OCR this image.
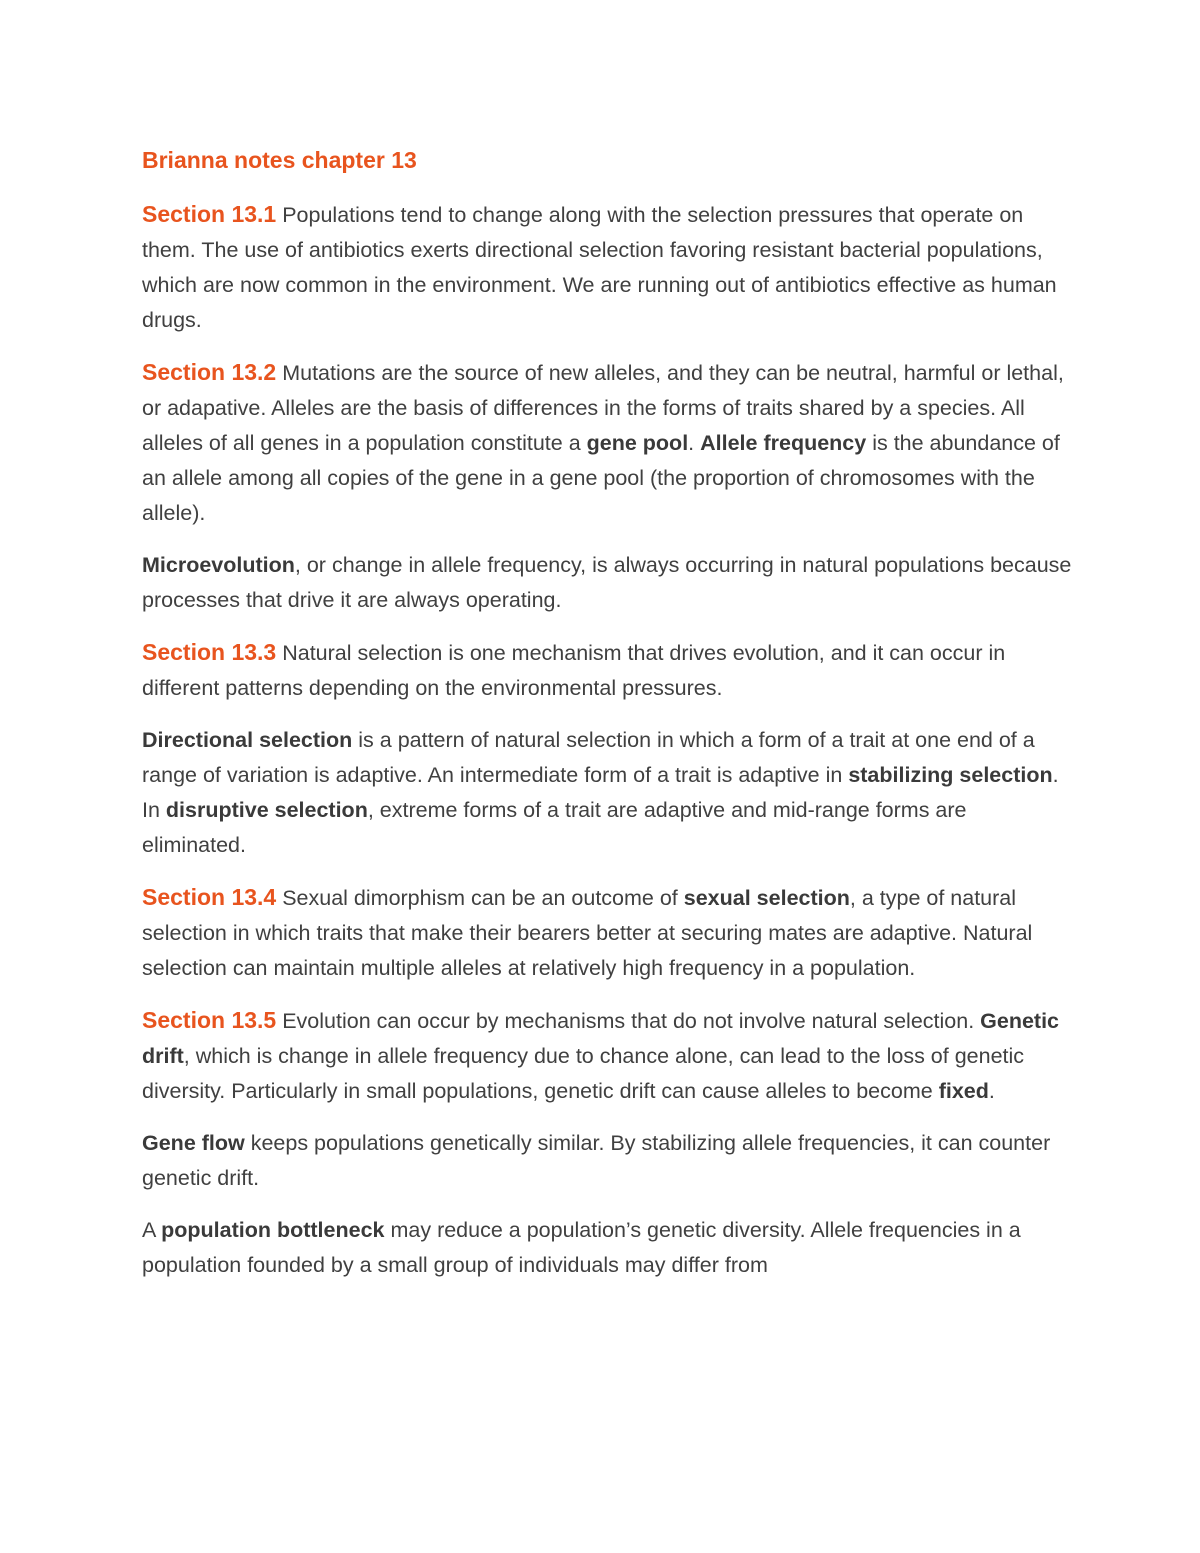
Brianna notes chapter 13

Section 13.1 Populations tend to change along with the selection pressures that operate on them. The use of antibiotics exerts directional selection favoring resistant bacterial populations, which are now common in the environment. We are running out of antibiotics effective as human drugs.

Section 13.2 Mutations are the source of new alleles, and they can be neutral, harmful or lethal, or adapative. Alleles are the basis of differences in the forms of traits shared by a species. All alleles of all genes in a population constitute a gene pool. Allele frequency is the abundance of an allele among all copies of the gene in a gene pool (the proportion of chromosomes with the allele).

Microevolution, or change in allele frequency, is always occurring in natural populations because processes that drive it are always operating.

Section 13.3 Natural selection is one mechanism that drives evolution, and it can occur in different patterns depending on the environmental pressures.

Directional selection is a pattern of natural selection in which a form of a trait at one end of a range of variation is adaptive. An intermediate form of a trait is adaptive in stabilizing selection. In disruptive selection, extreme forms of a trait are adaptive and mid-range forms are eliminated.

Section 13.4 Sexual dimorphism can be an outcome of sexual selection, a type of natural selection in which traits that make their bearers better at securing mates are adaptive. Natural selection can maintain multiple alleles at relatively high frequency in a population.

Section 13.5 Evolution can occur by mechanisms that do not involve natural selection. Genetic drift, which is change in allele frequency due to chance alone, can lead to the loss of genetic diversity. Particularly in small populations, genetic drift can cause alleles to become fixed.

Gene flow keeps populations genetically similar. By stabilizing allele frequencies, it can counter genetic drift.

A population bottleneck may reduce a population’s genetic diversity. Allele frequencies in a population founded by a small group of individuals may differ from
